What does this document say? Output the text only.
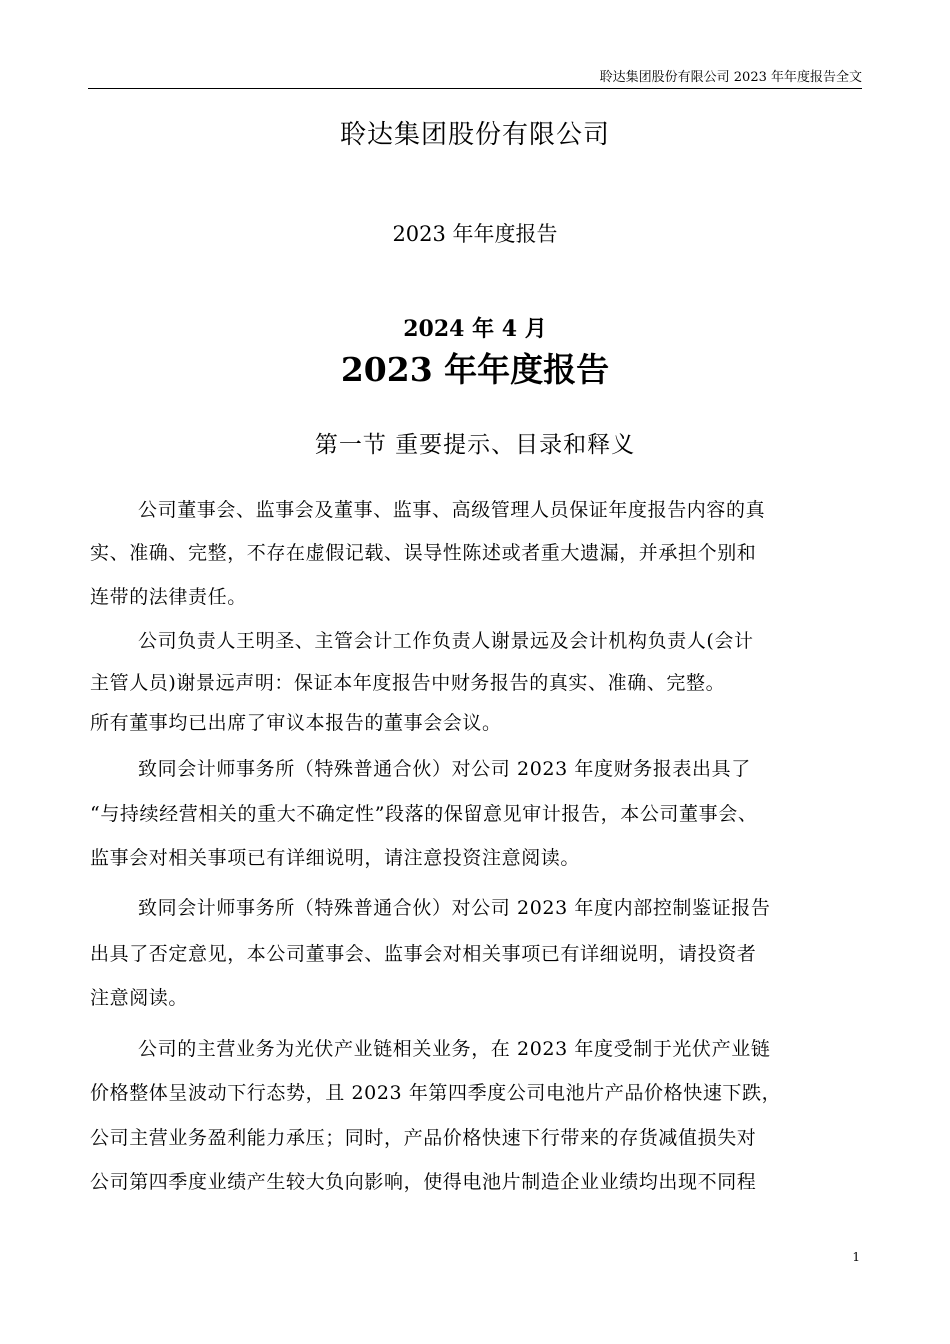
聆达集团股份有限公司 2023 年年度报告全文
聆达集团股份有限公司
2023 年年度报告
2024 年 4 月
2023 年年度报告
第一节 重要提示、目录和释义
公司董事会、监事会及董事、监事、高级管理人员保证年度报告内容的真
实、准确、完整，不存在虚假记载、误导性陈述或者重大遗漏，并承担个别和
连带的法律责任。
公司负责人王明圣、主管会计工作负责人谢景远及会计机构负责人(会计
主管人员)谢景远声明：保证本年度报告中财务报告的真实、准确、完整。
所有董事均已出席了审议本报告的董事会会议。
致同会计师事务所（特殊普通合伙）对公司 2023 年度财务报表出具了
“与持续经营相关的重大不确定性”段落的保留意见审计报告，本公司董事会、
监事会对相关事项已有详细说明，请注意投资注意阅读。
致同会计师事务所（特殊普通合伙）对公司 2023 年度内部控制鉴证报告
出具了否定意见，本公司董事会、监事会对相关事项已有详细说明，请投资者
注意阅读。
公司的主营业务为光伏产业链相关业务，在 2023 年度受制于光伏产业链
价格整体呈波动下行态势，且 2023 年第四季度公司电池片产品价格快速下跌，
公司主营业务盈利能力承压；同时，产品价格快速下行带来的存货减值损失对
公司第四季度业绩产生较大负向影响，使得电池片制造企业业绩均出现不同程
1
